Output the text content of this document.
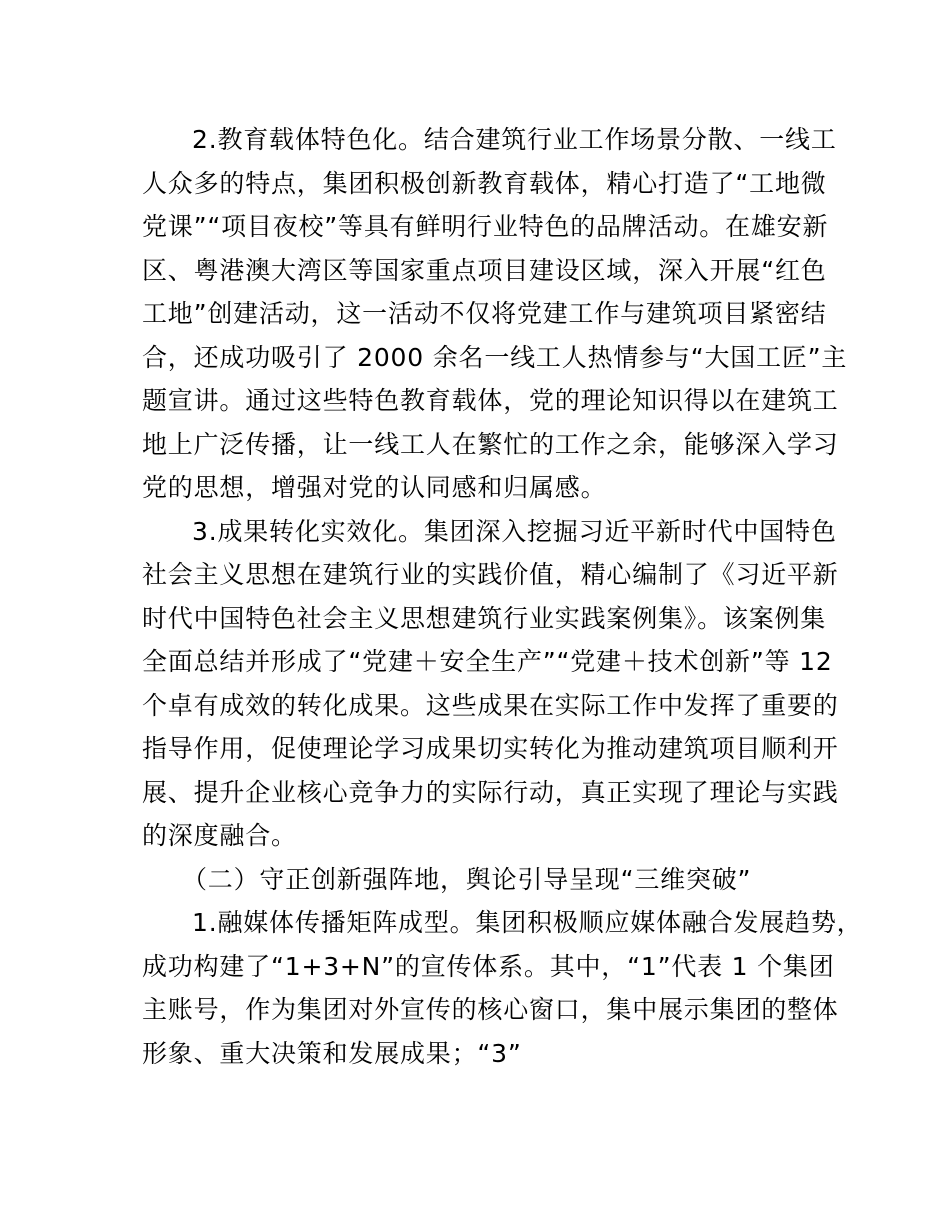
2.教育载体特色化。结合建筑行业工作场景分散、一线工
人众多的特点，集团积极创新教育载体，精心打造了“工地微
党课”“项目夜校”等具有鲜明行业特色的品牌活动。在雄安新
区、粤港澳大湾区等国家重点项目建设区域，深入开展“红色
工地”创建活动，这一活动不仅将党建工作与建筑项目紧密结
合，还成功吸引了 2000 余名一线工人热情参与“大国工匠”主
题宣讲。通过这些特色教育载体，党的理论知识得以在建筑工
地上广泛传播，让一线工人在繁忙的工作之余，能够深入学习
党的思想，增强对党的认同感和归属感。
3.成果转化实效化。集团深入挖掘习近平新时代中国特色
社会主义思想在建筑行业的实践价值，精心编制了《习近平新
时代中国特色社会主义思想建筑行业实践案例集》。该案例集
全面总结并形成了“党建＋安全生产”“党建＋技术创新”等 12
个卓有成效的转化成果。这些成果在实际工作中发挥了重要的
指导作用，促使理论学习成果切实转化为推动建筑项目顺利开
展、提升企业核心竞争力的实际行动，真正实现了理论与实践
的深度融合。
（二）守正创新强阵地，舆论引导呈现“三维突破”
1.融媒体传播矩阵成型。集团积极顺应媒体融合发展趋势，
成功构建了“1+3+N”的宣传体系。其中，“1”代表 1 个集团
主账号，作为集团对外宣传的核心窗口，集中展示集团的整体
形象、重大决策和发展成果；“3”
